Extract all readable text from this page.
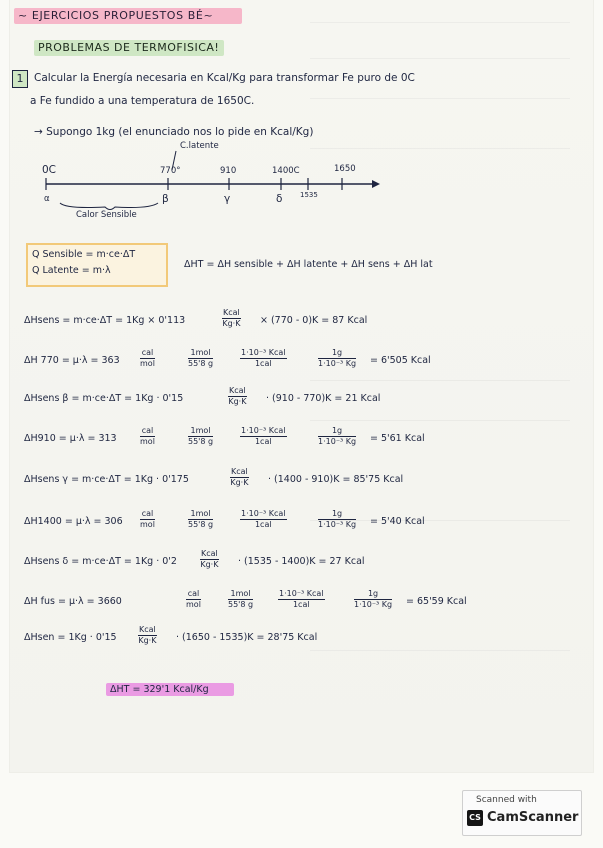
~ EJERCICIOS PROPUESTOS BÉ~
PROBLEMAS DE TERMOFISICA!
1	Calcular la Energía necesaria en Kcal/Kg para transformar Fe puro de 0C
a Fe fundido a una temperatura de 1650C.
→ Supongo 1kg (el enunciado nos lo pide en Kcal/Kg)
C.latente
0C	770°	910	1400C	1650
1535
α	β	γ	δ
Calor Sensible
Q Sensible = m·ce·ΔT
Q Latente = m·λ
ΔHT = ΔH sensible + ΔH latente + ΔH sens + ΔH lat
ΔHsens = m·ce·ΔT = 1Kg × 0'113
Kcal
Kg·K × (770 - 0)K = 87 Kcal
ΔH 770 = μ·λ = 363
cal
mol
1mol
55'8 g
1·10⁻³ Kcal
1cal	$\frac{1g}{\text{1·10⁻³ Kg}} = 6'505$ Kcal
ΔHsens β = m·ce·ΔT = 1Kg · 0'15
Kcal
Kg·K · (910 - 770)K = 21 Kcal
ΔH910 = μ·λ = 313
cal
mol
1mol
55'8 g
1·10⁻³ Kcal
1cal	$\frac{1g}{\text{1·10⁻³ Kg}} = 5'61$ Kcal
ΔHsens γ = m·ce·ΔT = 1Kg · 0'175
Kcal
Kg·K · (1400 - 910)K = 85'75 Kcal
ΔH1400 = μ·λ = 306
cal
mol
1mol
55'8 g
1·10⁻³ Kcal
1cal	$\frac{1g}{\text{1·10⁻³ Kg}} = 5'40$ Kcal
ΔHsens δ = m·ce·ΔT = 1Kg · 0'2
Kcal
Kg·K · (1535 - 1400)K = 27 Kcal
ΔH fus = μ·λ = 3660
cal
mol
1mol
55'8 g
1·10⁻³ Kcal
1cal	$\frac{1g}{\text{1·10⁻³ Kg}} = 65'59$ Kcal
ΔHsen = 1Kg · 0'15
Kcal
Kg·K · (1650 - 1535)K = 28'75 Kcal
ΔHT = 329'1 Kcal/Kg
Scanned with
CS CamScanner
